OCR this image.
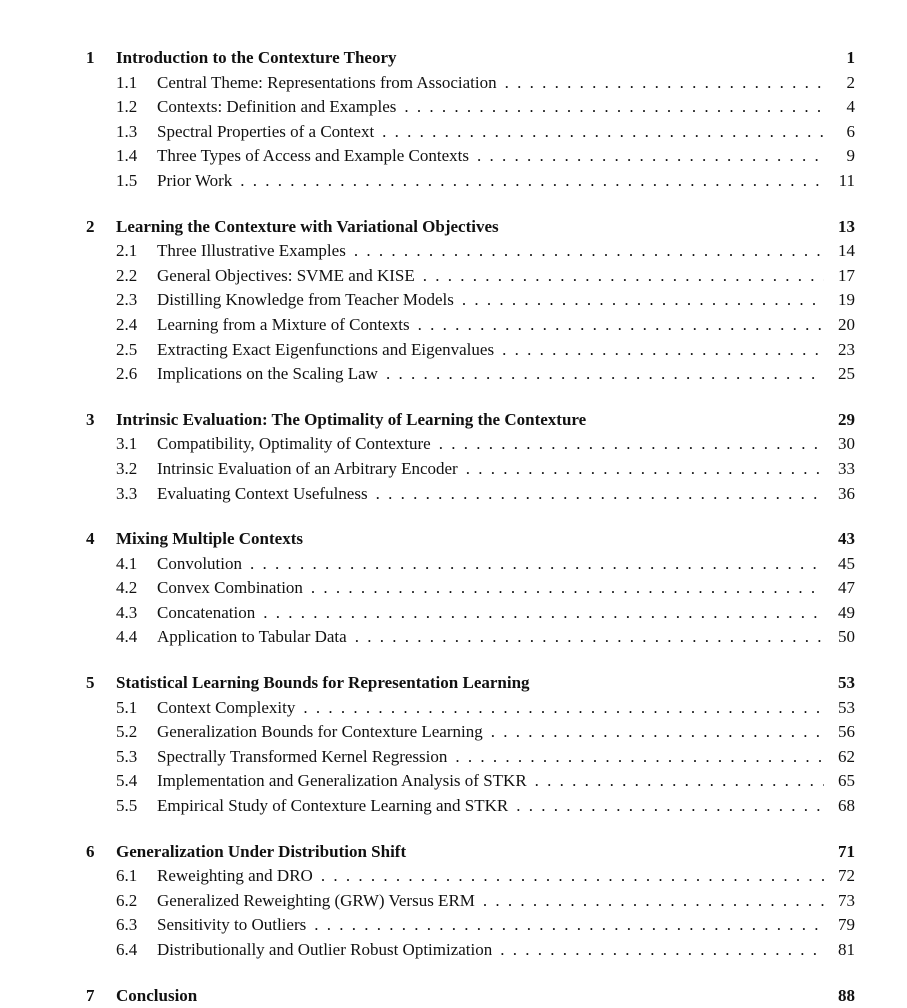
1	Introduction to the Contexture Theory	1
1.1	Central Theme: Representations from Association . . .	2
1.2	Contexts: Definition and Examples . . .	4
1.3	Spectral Properties of a Context . . .	6
1.4	Three Types of Access and Example Contexts . . .	9
1.5	Prior Work . . .	11
2	Learning the Contexture with Variational Objectives	13
2.1	Three Illustrative Examples . . .	14
2.2	General Objectives: SVME and KISE . . .	17
2.3	Distilling Knowledge from Teacher Models . . .	19
2.4	Learning from a Mixture of Contexts . . .	20
2.5	Extracting Exact Eigenfunctions and Eigenvalues . . .	23
2.6	Implications on the Scaling Law . . .	25
3	Intrinsic Evaluation: The Optimality of Learning the Contexture	29
3.1	Compatibility, Optimality of Contexture . . .	30
3.2	Intrinsic Evaluation of an Arbitrary Encoder . . .	33
3.3	Evaluating Context Usefulness . . .	36
4	Mixing Multiple Contexts	43
4.1	Convolution . . .	45
4.2	Convex Combination . . .	47
4.3	Concatenation . . .	49
4.4	Application to Tabular Data . . .	50
5	Statistical Learning Bounds for Representation Learning	53
5.1	Context Complexity . . .	53
5.2	Generalization Bounds for Contexture Learning . . .	56
5.3	Spectrally Transformed Kernel Regression . . .	62
5.4	Implementation and Generalization Analysis of STKR . . .	65
5.5	Empirical Study of Contexture Learning and STKR . . .	68
6	Generalization Under Distribution Shift	71
6.1	Reweighting and DRO . . .	72
6.2	Generalized Reweighting (GRW) Versus ERM . . .	73
6.3	Sensitivity to Outliers . . .	79
6.4	Distributionally and Outlier Robust Optimization . . .	81
7	Conclusion	88
